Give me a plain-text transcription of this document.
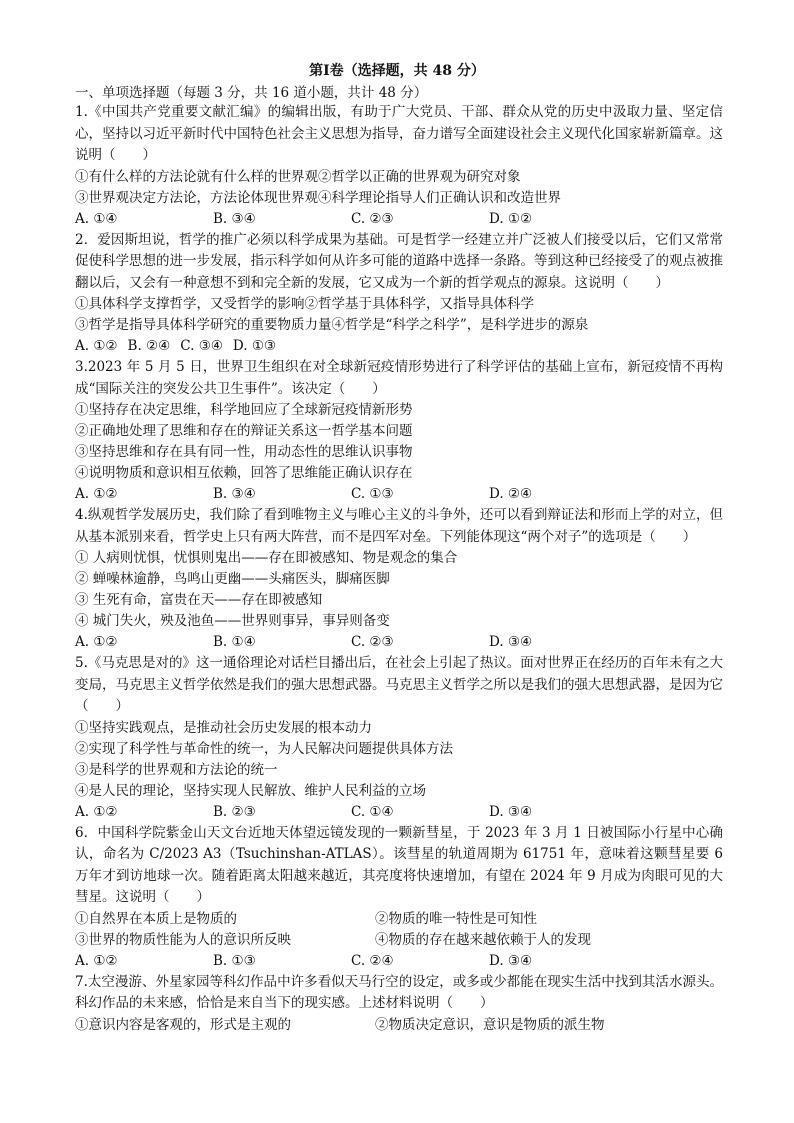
第Ⅰ卷（选择题，共 48 分）
一、单项选择题（每题 3 分，共 16 道小题，共计 48 分）
1.《中国共产党重要文献汇编》的编辑出版，有助于广大党员、干部、群众从党的历史中汲取力量、坚定信心，坚持以习近平新时代中国特色社会主义思想为指导，奋力谱写全面建设社会主义现代化国家崭新篇章。这说明（　　）
①有什么样的方法论就有什么样的世界观②哲学以正确的世界观为研究对象
③世界观决定方法论，方法论体现世界观④科学理论指导人们正确认识和改造世界
A. ①④	B. ③④	C. ②③	D. ①②
2．爱因斯坦说，哲学的推广必须以科学成果为基础。可是哲学一经建立并广泛被人们接受以后，它们又常常促使科学思想的进一步发展，指示科学如何从许多可能的道路中选择一条路。等到这种已经接受了的观点被推翻以后，又会有一种意想不到和完全新的发展，它又成为一个新的哲学观点的源泉。这说明（　　）
①具体科学支撑哲学，又受哲学的影响②哲学基于具体科学，又指导具体科学
③哲学是指导具体科学研究的重要物质力量④哲学是“科学之科学”，是科学进步的源泉
A. ①② B. ②④ C. ③④ D. ①③
3.2023 年 5 月 5 日，世界卫生组织在对全球新冠疫情形势进行了科学评估的基础上宣布，新冠疫情不再构成“国际关注的突发公共卫生事件”。该决定（　　）
①坚持存在决定思维，科学地回应了全球新冠疫情新形势
②正确地处理了思维和存在的辩证关系这一哲学基本问题
③坚持思维和存在具有同一性，用动态性的思维认识事物
④说明物质和意识相互依赖，回答了思维能正确认识存在
A. ①②	B. ③④	C. ①③	D. ②④
4.纵观哲学发展历史，我们除了看到唯物主义与唯心主义的斗争外，还可以看到辩证法和形而上学的对立，但从基本派别来看，哲学史上只有两大阵营，而不是四军对垒。下列能体现这“两个对子”的选项是（　　）
① 人病则忧惧，忧惧则鬼出——存在即被感知、物是观念的集合
② 蝉噪林逾静，鸟鸣山更幽——头痛医头，脚痛医脚
③ 生死有命，富贵在天——存在即被感知
④ 城门失火，殃及池鱼——世界则事异，事异则备变
A. ①②	B. ①④	C. ②③	D. ③④
5.《马克思是对的》这一通俗理论对话栏目播出后，在社会上引起了热议。面对世界正在经历的百年未有之大变局，马克思主义哲学依然是我们的强大思想武器。马克思主义哲学之所以是我们的强大思想武器，是因为它（　　）
①坚持实践观点，是推动社会历史发展的根本动力
②实现了科学性与革命性的统一，为人民解决问题提供具体方法
③是科学的世界观和方法论的统一
④是人民的理论，坚持实现人民解放、维护人民利益的立场
A. ①②	B. ②③	C. ①④	D. ③④
6．中国科学院紫金山天文台近地天体望远镜发现的一颗新彗星，于 2023 年 3 月 1 日被国际小行星中心确认，命名为 C/2023 A3（Tsuchinshan-ATLAS）。该彗星的轨道周期为 61751 年，意味着这颗彗星要 6 万年才到访地球一次。随着距离太阳越来越近，其亮度将快速增加，有望在 2024 年 9 月成为肉眼可见的大彗星。这说明（　　）
①自然界在本质上是物质的	②物质的唯一特性是可知性
③世界的物质性能为人的意识所反映	④物质的存在越来越依赖于人的发现
A. ①②	B. ①③	C. ②④	D. ③④
7.太空漫游、外星家园等科幻作品中许多看似天马行空的设定，或多或少都能在现实生活中找到其活水源头。科幻作品的未来感，恰恰是来自当下的现实感。上述材料说明（　　）
①意识内容是客观的，形式是主观的	②物质决定意识，意识是物质的派生物
